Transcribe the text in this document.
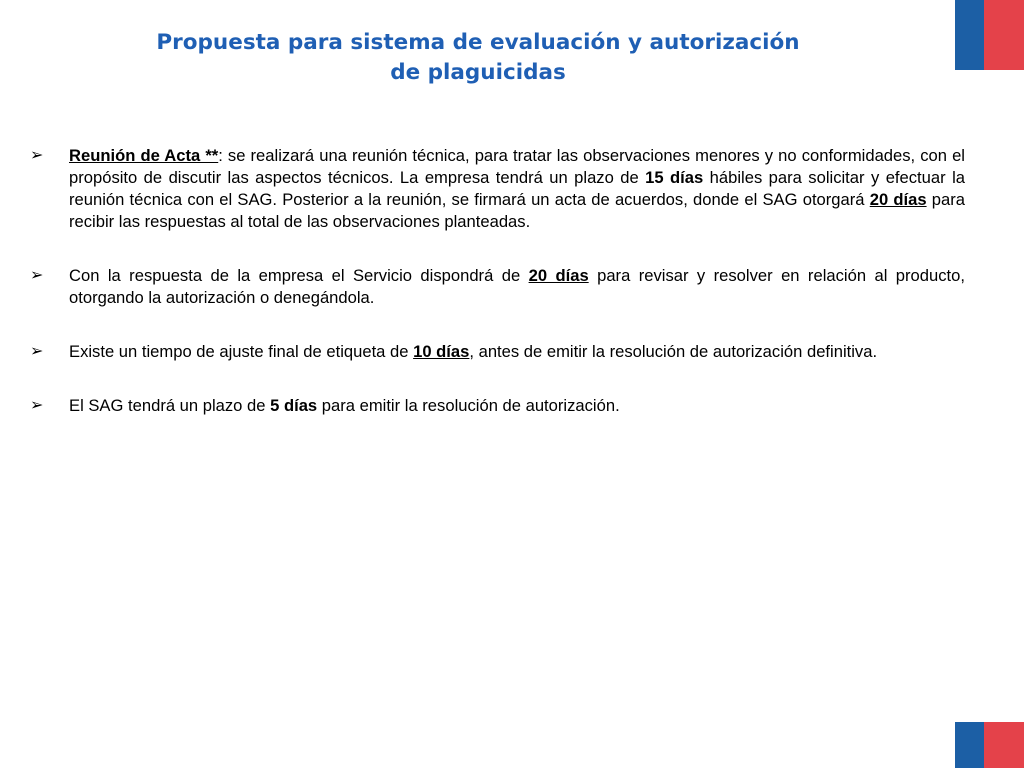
Propuesta para sistema de evaluación y autorización
de plaguicidas
➢	Reunión de Acta **: se realizará una reunión técnica, para tratar las observaciones menores y no conformidades, con el propósito de discutir las aspectos técnicos. La empresa tendrá un plazo de 15 días hábiles para solicitar y efectuar la reunión técnica con el SAG. Posterior a la reunión, se firmará un acta de acuerdos, donde el SAG otorgará 20 días para recibir las respuestas al total de las observaciones planteadas.
➢	Con la respuesta de la empresa el Servicio dispondrá de 20 días para revisar y resolver en relación al producto, otorgando la autorización o denegándola.
➢	Existe un tiempo de ajuste final de etiqueta de 10 días, antes de emitir la resolución de autorización definitiva.
➢	El SAG tendrá un plazo de 5 días para emitir la resolución de autorización.
